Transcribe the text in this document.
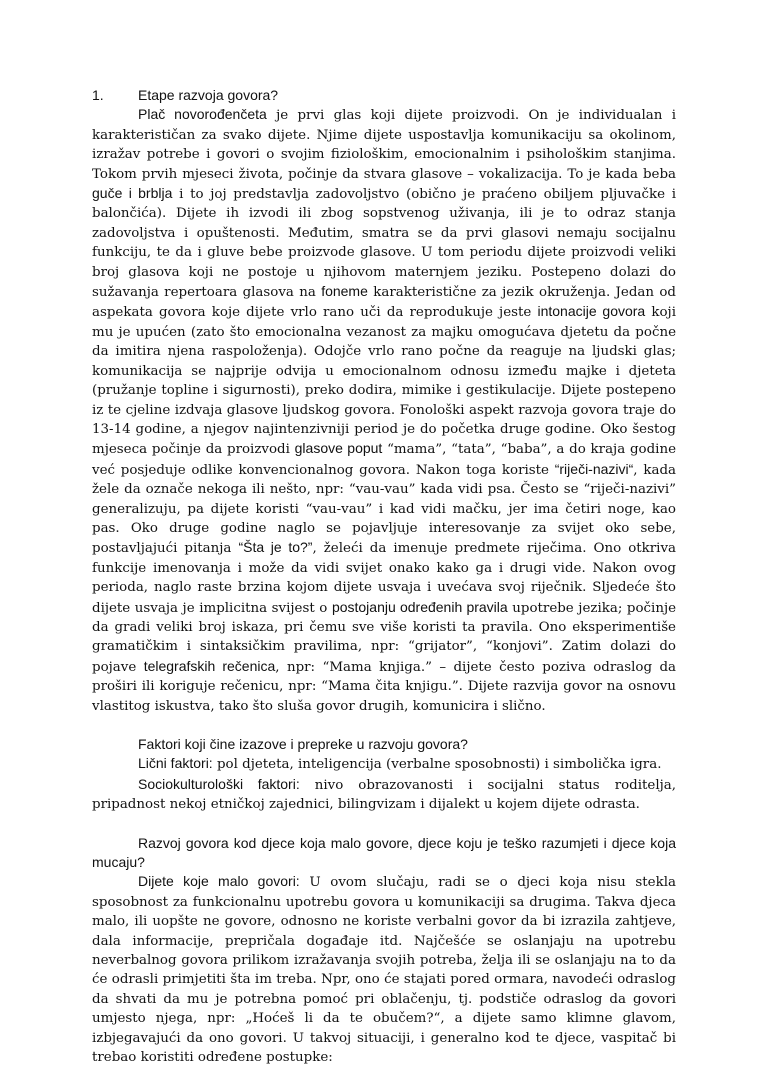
1. Etape razvoja govora?

Plač novorođenčeta je prvi glas koji dijete proizvodi. On je individualan i karakterističan za svako dijete. Njime dijete uspostavlja komunikaciju sa okolinom, izražav potrebe i govori o svojim fiziološkim, emocionalnim i psihološkim stanjima. Tokom prvih mjeseci života, počinje da stvara glasove – vokalizacija. To je kada beba guče i brblja i to joj predstavlja zadovoljstvo (obično je praćeno obiljem pljuvačke i balončića). Dijete ih izvodi ili zbog sopstvenog uživanja, ili je to odraz stanja zadovoljstva i opuštenosti. Međutim, smatra se da prvi glasovi nemaju socijalnu funkciju, te da i gluve bebe proizvode glasove. U tom periodu dijete proizvodi veliki broj glasova koji ne postoje u njihovom maternjem jeziku. Postepeno dolazi do sužavanja repertoara glasova na foneme karakteristične za jezik okruženja. Jedan od aspekata govora koje dijete vrlo rano uči da reprodukuje jeste intonacije govora koji mu je upućen (zato što emocionalna vezanost za majku omogućava djetetu da počne da imitira njena raspoloženja). Odojče vrlo rano počne da reaguje na ljudski glas; komunikacija se najprije odvija u emocionalnom odnosu između majke i djeteta (pružanje topline i sigurnosti), preko dodira, mimike i gestikulacije. Dijete postepeno iz te cjeline izdvaja glasove ljudskog govora. Fonološki aspekt razvoja govora traje do 13-14 godine, a njegov najintenzivniji period je do početka druge godine. Oko šestog mjeseca počinje da proizvodi glasove poput “mama”, “tata”, “baba”, a do kraja godine već posjeduje odlike konvencionalnog govora. Nakon toga koriste “riječi-nazivi“, kada žele da označe nekoga ili nešto, npr: “vau-vau” kada vidi psa. Često se “riječi-nazivi” generalizuju, pa dijete koristi “vau-vau” i kad vidi mačku, jer ima četiri noge, kao pas. Oko druge godine naglo se pojavljuje interesovanje za svijet oko sebe, postavljajući pitanja “Šta je to?”, želeći da imenuje predmete riječima. Ono otkriva funkcije imenovanja i može da vidi svijet onako kako ga i drugi vide. Nakon ovog perioda, naglo raste brzina kojom dijete usvaja i uvećava svoj riječnik. Sljedeće što dijete usvaja je implicitna svijest o postojanju određenih pravila upotrebe jezika; počinje da gradi veliki broj iskaza, pri čemu sve više koristi ta pravila. Ono eksperimentiše gramatičkim i sintaksičkim pravilima, npr: “grijator”, “konjovi”. Zatim dolazi do pojave telegrafskih rečenica, npr: “Mama knjiga.” – dijete često poziva odraslog da proširi ili koriguje rečenicu, npr: “Mama čita knjigu.”. Dijete razvija govor na osnovu vlastitog iskustva, tako što sluša govor drugih, komunicira i slično.

Faktori koji čine izazove i prepreke u razvoju govora?

Lični faktori: pol djeteta, inteligencija (verbalne sposobnosti) i simbolička igra.

Sociokulturološki faktori: nivo obrazovanosti i socijalni status roditelja, pripadnost nekoj etničkoj zajednici, bilingvizam i dijalekt u kojem dijete odrasta.

Razvoj govora kod djece koja malo govore, djece koju je teško razumjeti i djece koja mucaju?

Dijete koje malo govori: U ovom slučaju, radi se o djeci koja nisu stekla sposobnost za funkcionalnu upotrebu govora u komunikaciji sa drugima. Takva djeca malo, ili uopšte ne govore, odnosno ne koriste verbalni govor da bi izrazila zahtjeve, dala informacije, prepričala događaje itd. Najčešće se oslanjaju na upotrebu neverbalnog govora prilikom izražavanja svojih potreba, želja ili se oslanjaju na to da će odrasli primjetiti šta im treba. Npr, ono će stajati pored ormara, navodeći odraslog da shvati da mu je potrebna pomoć pri oblačenju, tj. podstiče odraslog da govori umjesto njega, npr: „Hoćeš li da te obučem?“, a dijete samo klimne glavom, izbjegavajući da ono govori. U takvoj situaciji, i generalno kod te djece, vaspitač bi trebao koristiti određene postupke:
